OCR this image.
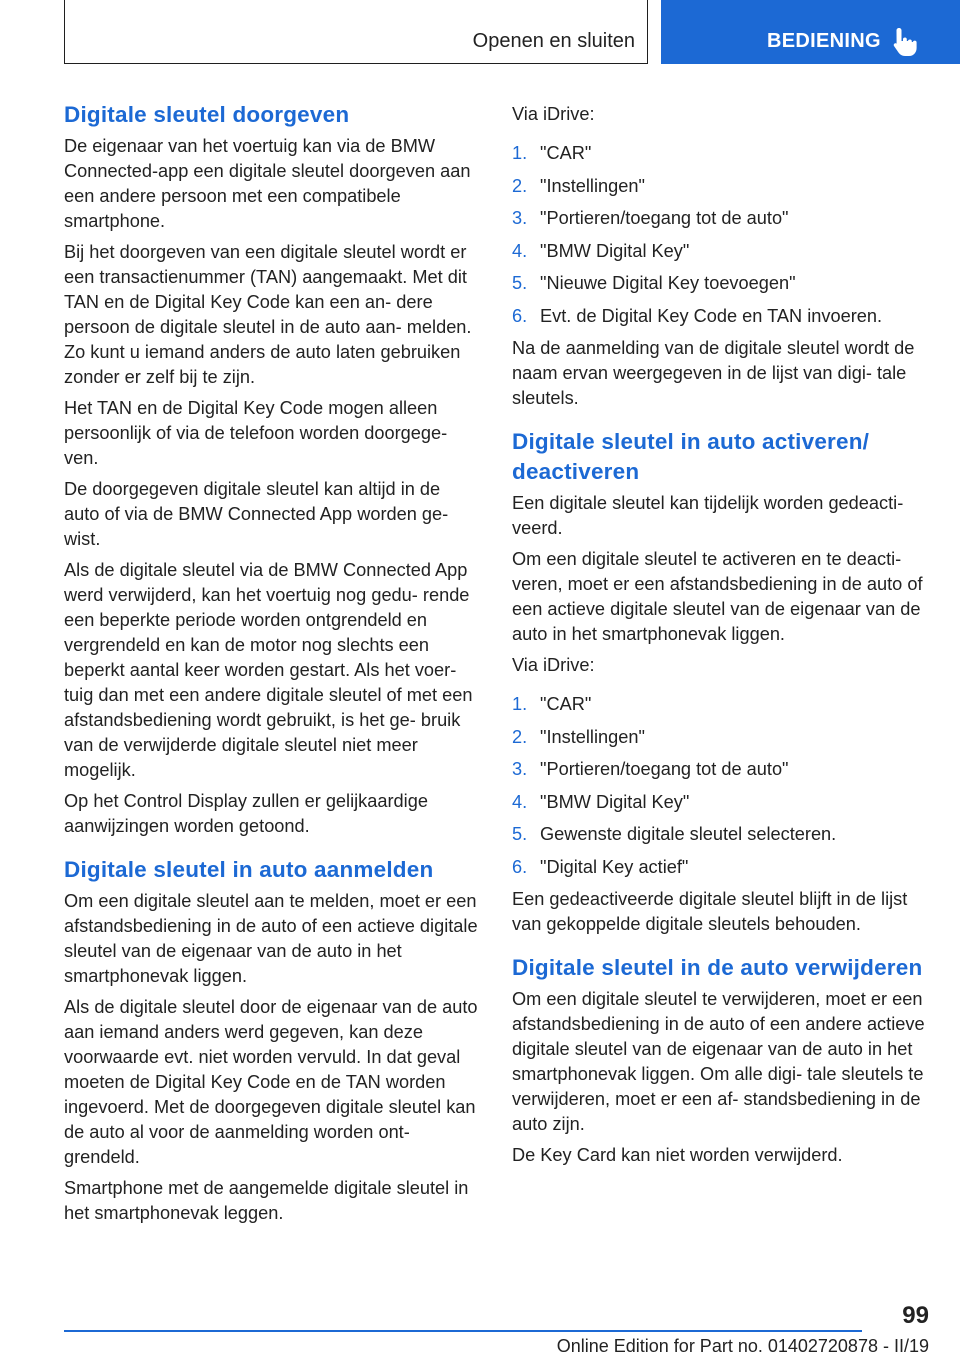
Openen en sluiten	BEDIENING
Digitale sleutel doorgeven

De eigenaar van het voertuig kan via de BMW Connected-app een digitale sleutel doorgeven aan een andere persoon met een compatibele smartphone.

Bij het doorgeven van een digitale sleutel wordt er een transactienummer (TAN) aangemaakt. Met dit TAN en de Digital Key Code kan een an- dere persoon de digitale sleutel in de auto aan- melden. Zo kunt u iemand anders de auto laten gebruiken zonder er zelf bij te zijn.

Het TAN en de Digital Key Code mogen alleen persoonlijk of via de telefoon worden doorgege- ven.

De doorgegeven digitale sleutel kan altijd in de auto of via de BMW Connected App worden ge- wist.

Als de digitale sleutel via de BMW Connected App werd verwijderd, kan het voertuig nog gedu- rende een beperkte periode worden ontgrendeld en vergrendeld en kan de motor nog slechts een beperkt aantal keer worden gestart. Als het voer- tuig dan met een andere digitale sleutel of met een afstandsbediening wordt gebruikt, is het ge- bruik van de verwijderde digitale sleutel niet meer mogelijk.

Op het Control Display zullen er gelijkaardige aanwijzingen worden getoond.

Digitale sleutel in auto aanmelden

Om een digitale sleutel aan te melden, moet er een afstandsbediening in de auto of een actieve digitale sleutel van de eigenaar van de auto in het smartphonevak liggen.

Als de digitale sleutel door de eigenaar van de auto aan iemand anders werd gegeven, kan deze voorwaarde evt. niet worden vervuld. In dat geval moeten de Digital Key Code en de TAN worden ingevoerd. Met de doorgegeven digitale sleutel kan de auto al voor de aanmelding worden ont- grendeld.

Smartphone met de aangemelde digitale sleutel in het smartphonevak leggen.

Via iDrive:

1. "CAR"
2. "Instellingen"
3. "Portieren/toegang tot de auto"
4. "BMW Digital Key"
5. "Nieuwe Digital Key toevoegen"
6. Evt. de Digital Key Code en TAN invoeren.

Na de aanmelding van de digitale sleutel wordt de naam ervan weergegeven in de lijst van digi- tale sleutels.

Digitale sleutel in auto activeren/ deactiveren

Een digitale sleutel kan tijdelijk worden gedeacti- veerd.

Om een digitale sleutel te activeren en te deacti- veren, moet er een afstandsbediening in de auto of een actieve digitale sleutel van de eigenaar van de auto in het smartphonevak liggen.

Via iDrive:

1. "CAR"
2. "Instellingen"
3. "Portieren/toegang tot de auto"
4. "BMW Digital Key"
5. Gewenste digitale sleutel selecteren.
6. "Digital Key actief"

Een gedeactiveerde digitale sleutel blijft in de lijst van gekoppelde digitale sleutels behouden.

Digitale sleutel in de auto verwijderen

Om een digitale sleutel te verwijderen, moet er een afstandsbediening in de auto of een andere actieve digitale sleutel van de eigenaar van de auto in het smartphonevak liggen. Om alle digi- tale sleutels te verwijderen, moet er een af- standsbediening in de auto zijn.

De Key Card kan niet worden verwijderd.

99
Online Edition for Part no. 01402720878 - II/19
